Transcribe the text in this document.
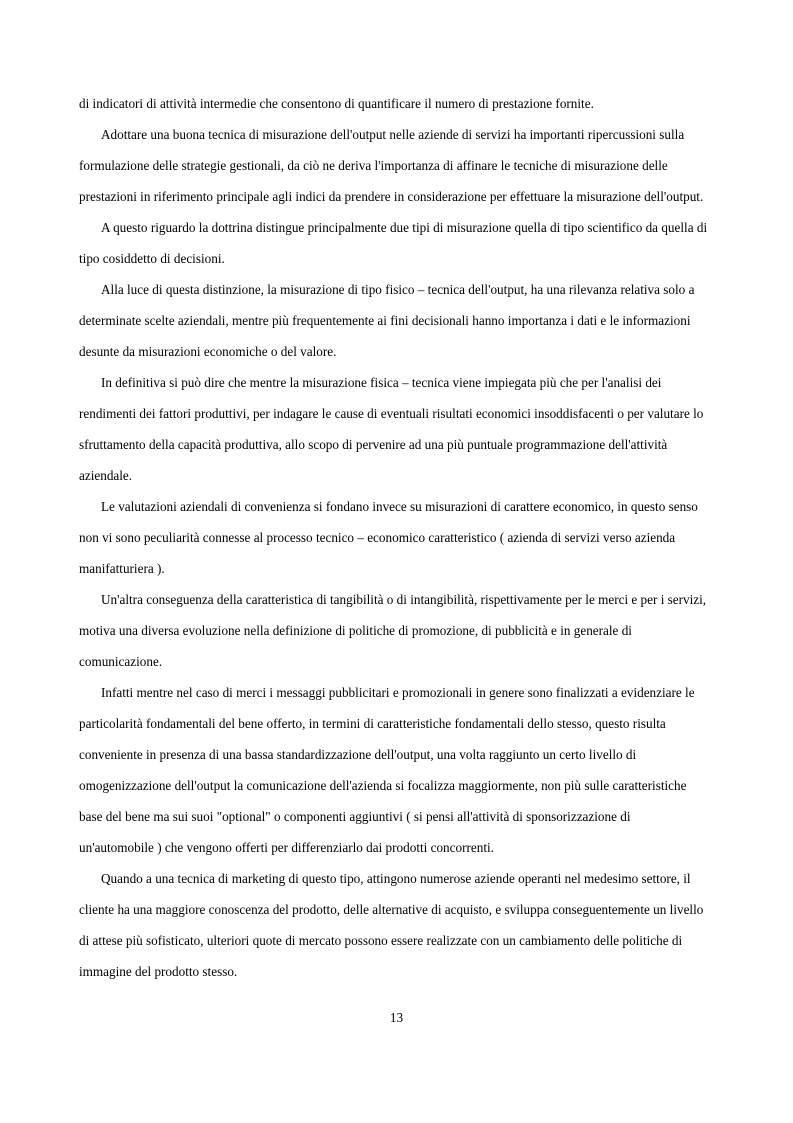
di indicatori di attività intermedie che consentono di quantificare il numero di prestazione fornite.

Adottare una buona tecnica di misurazione dell'output nelle aziende di servizi ha importanti ripercussioni sulla

formulazione delle strategie gestionali, da ciò ne deriva l'importanza di affinare le tecniche di misurazione delle

prestazioni in riferimento principale agli indici da prendere in considerazione per effettuare la misurazione dell'output.

A questo riguardo la dottrina distingue principalmente due tipi di misurazione quella di tipo scientifico da quella di

tipo cosiddetto di decisioni.

Alla luce di questa distinzione, la misurazione di tipo fisico – tecnica dell'output, ha una rilevanza relativa solo a

determinate scelte aziendali, mentre più frequentemente ai fini decisionali hanno importanza i dati e le informazioni

desunte da misurazioni economiche o del valore.

In definitiva si può dire che mentre la misurazione fisica – tecnica viene impiegata più che per l'analisi dei

rendimenti dei fattori produttivi, per indagare le cause di eventuali risultati economici insoddisfacenti o per valutare lo

sfruttamento della capacità produttiva, allo scopo di pervenire ad una più puntuale programmazione dell'attività

aziendale.

Le valutazioni aziendali di convenienza si fondano invece su misurazioni di carattere economico, in questo senso

non vi sono peculiarità connesse al processo tecnico – economico caratteristico ( azienda di servizi verso azienda

manifatturiera ).

Un'altra conseguenza della caratteristica di tangibilità o di intangibilità, rispettivamente per le merci e per i servizi,

motiva una diversa evoluzione nella definizione di politiche di promozione, di pubblicità e in generale di

comunicazione.

Infatti mentre nel caso di merci i messaggi pubblicitari e promozionali in genere sono finalizzati a evidenziare le

particolarità fondamentali del bene offerto, in termini di caratteristiche fondamentali dello stesso, questo risulta

conveniente in presenza di una bassa standardizzazione dell'output, una volta raggiunto un certo livello di

omogenizzazione dell'output la comunicazione dell'azienda si focalizza maggiormente, non più sulle caratteristiche

base del bene ma sui suoi "optional" o componenti aggiuntivi ( si pensi all'attività di sponsorizzazione di

un'automobile ) che vengono offerti per differenziarlo dai prodotti concorrenti.

Quando a una tecnica di marketing di questo tipo, attingono numerose aziende operanti nel medesimo settore, il

cliente ha una maggiore conoscenza del prodotto, delle alternative di acquisto, e sviluppa conseguentemente un livello

di attese più sofisticato, ulteriori quote di mercato possono essere realizzate con un cambiamento delle politiche di

immagine del prodotto stesso.

13
